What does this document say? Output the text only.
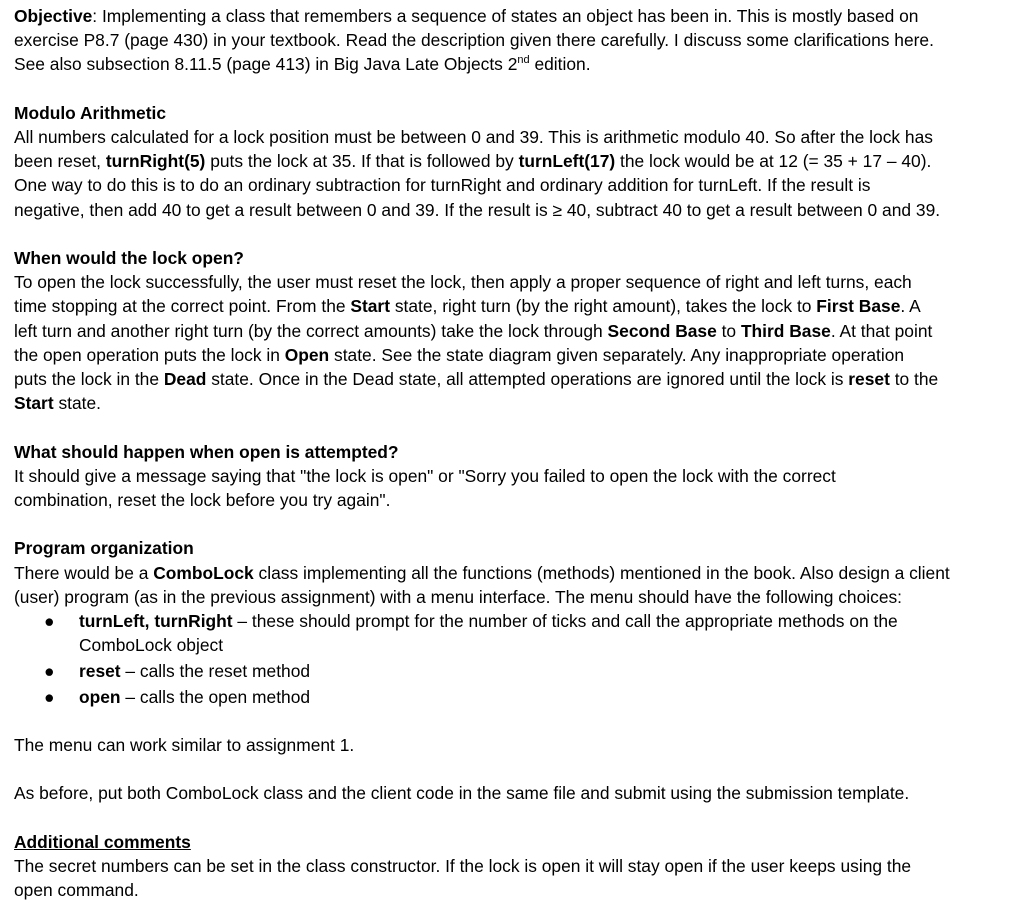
Objective: Implementing a class that remembers a sequence of states an object has been in. This is mostly based on
exercise P8.7 (page 430) in your textbook. Read the description given there carefully. I discuss some clarifications here.
See also subsection 8.11.5 (page 413) in Big Java Late Objects 2nd edition.
Modulo Arithmetic
All numbers calculated for a lock position must be between 0 and 39. This is arithmetic modulo 40. So after the lock has
been reset, turnRight(5) puts the lock at 35. If that is followed by turnLeft(17) the lock would be at 12 (= 35 + 17 – 40).
One way to do this is to do an ordinary subtraction for turnRight and ordinary addition for turnLeft. If the result is
negative, then add 40 to get a result between 0 and 39. If the result is ≥ 40, subtract 40 to get a result between 0 and 39.
When would the lock open?
To open the lock successfully, the user must reset the lock, then apply a proper sequence of right and left turns, each
time stopping at the correct point. From the Start state, right turn (by the right amount), takes the lock to First Base. A
left turn and another right turn (by the correct amounts) take the lock through Second Base to Third Base. At that point
the open operation puts the lock in Open state. See the state diagram given separately. Any inappropriate operation
puts the lock in the Dead state. Once in the Dead state, all attempted operations are ignored until the lock is reset to the
Start state.
What should happen when open is attempted?
It should give a message saying that "the lock is open" or "Sorry you failed to open the lock with the correct
combination, reset the lock before you try again".
Program organization
There would be a ComboLock class implementing all the functions (methods) mentioned in the book. Also design a client
(user) program (as in the previous assignment) with a menu interface. The menu should have the following choices:
● turnLeft, turnRight – these should prompt for the number of ticks and call the appropriate methods on the
ComboLock object
● reset – calls the reset method
● open – calls the open method
The menu can work similar to assignment 1.
As before, put both ComboLock class and the client code in the same file and submit using the submission template.
Additional comments
The secret numbers can be set in the class constructor. If the lock is open it will stay open if the user keeps using the
open command.
